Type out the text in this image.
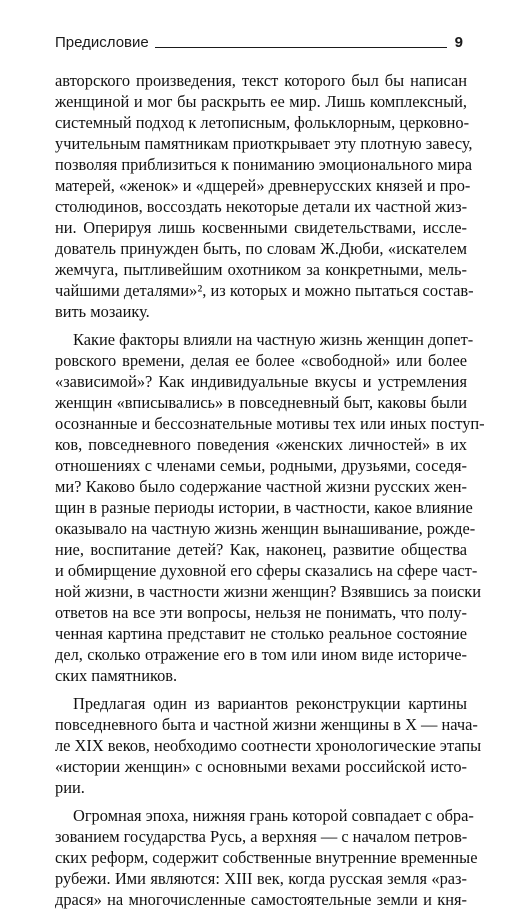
Предисловие	9

авторского произведения, текст которого был бы написан
женщиной и мог бы раскрыть ее мир. Лишь комплексный,
системный подход к летописным, фольклорным, церковно-
учительным памятникам приоткрывает эту плотную завесу,
позволяя приблизиться к пониманию эмоционального мира
матерей, «женок» и «дщерей» древнерусских князей и про-
столюдинов, воссоздать некоторые детали их частной жиз-
ни. Оперируя лишь косвенными свидетельствами, иссле-
дователь принужден быть, по словам Ж.Дюби, «искателем
жемчуга, пытливейшим охотником за конкретными, мель-
чайшими деталями»², из которых и можно пытаться состав-
вить мозаику.

Какие факторы влияли на частную жизнь женщин допет-
ровского времени, делая ее более «свободной» или более
«зависимой»? Как индивидуальные вкусы и устремления
женщин «вписывались» в повседневный быт, каковы были
осознанные и бессознательные мотивы тех или иных поступ-
ков, повседневного поведения «женских личностей» в их
отношениях с членами семьи, родными, друзьями, соседя-
ми? Каково было содержание частной жизни русских жен-
щин в разные периоды истории, в частности, какое влияние
оказывало на частную жизнь женщин вынашивание, рожде-
ние, воспитание детей? Как, наконец, развитие общества
и обмирщение духовной его сферы сказались на сфере част-
ной жизни, в частности жизни женщин? Взявшись за поиски
ответов на все эти вопросы, нельзя не понимать, что полу-
ченная картина представит не столько реальное состояние
дел, сколько отражение его в том или ином виде историче-
ских памятников.

Предлагая один из вариантов реконструкции картины
повседневного быта и частной жизни женщины в X — нача-
ле XIX веков, необходимо соотнести хронологические этапы
«истории женщин» с основными вехами российской исто-
рии.

Огромная эпоха, нижняя грань которой совпадает с обра-
зованием государства Русь, а верхняя — с началом петров-
ских реформ, содержит собственные внутренние временные
рубежи. Ими являются: XIII век, когда русская земля «раз-
драся» на многочисленные самостоятельные земли и кня-
